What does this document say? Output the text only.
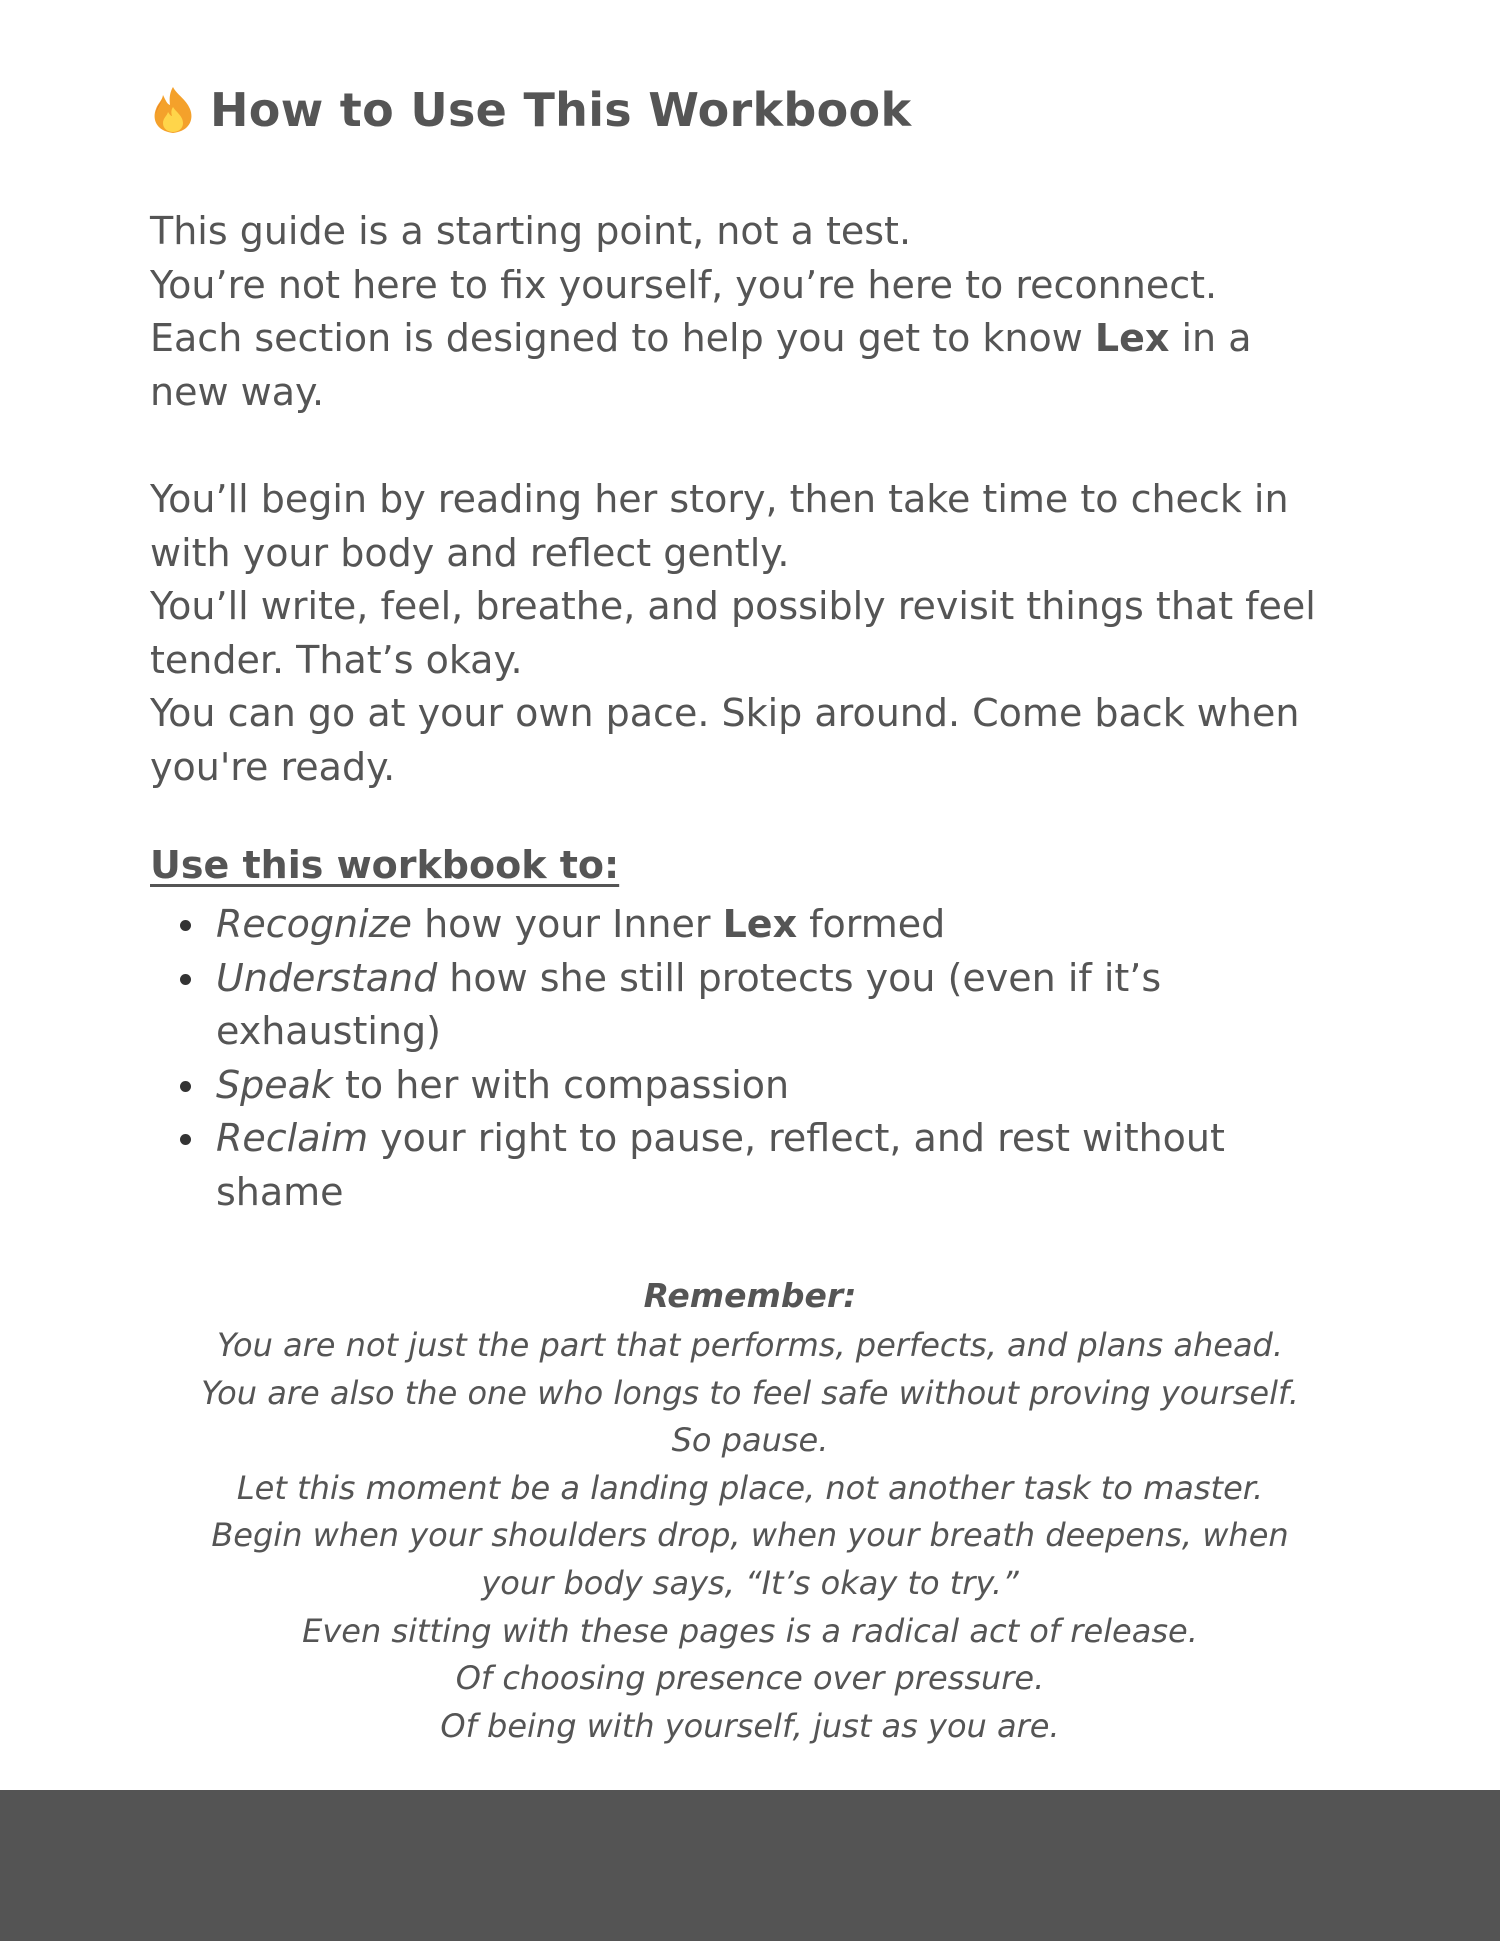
How to Use This Workbook
This guide is a starting point, not a test.
You’re not here to fix yourself, you’re here to reconnect.
Each section is designed to help you get to know Lex in a
new way.
You’ll begin by reading her story, then take time to check in
with your body and reflect gently.
You’ll write, feel, breathe, and possibly revisit things that feel
tender. That’s okay.
You can go at your own pace. Skip around. Come back when
you're ready.
Use this workbook to:
Recognize how your Inner Lex formed
Understand how she still protects you (even if it’s
exhausting)
Speak to her with compassion
Reclaim your right to pause, reflect, and rest without
shame
Remember:
You are not just the part that performs, perfects, and plans ahead.
You are also the one who longs to feel safe without proving yourself.
So pause.
Let this moment be a landing place, not another task to master.
Begin when your shoulders drop, when your breath deepens, when
your body says, “It’s okay to try.”
Even sitting with these pages is a radical act of release.
Of choosing presence over pressure.
Of being with yourself, just as you are.
